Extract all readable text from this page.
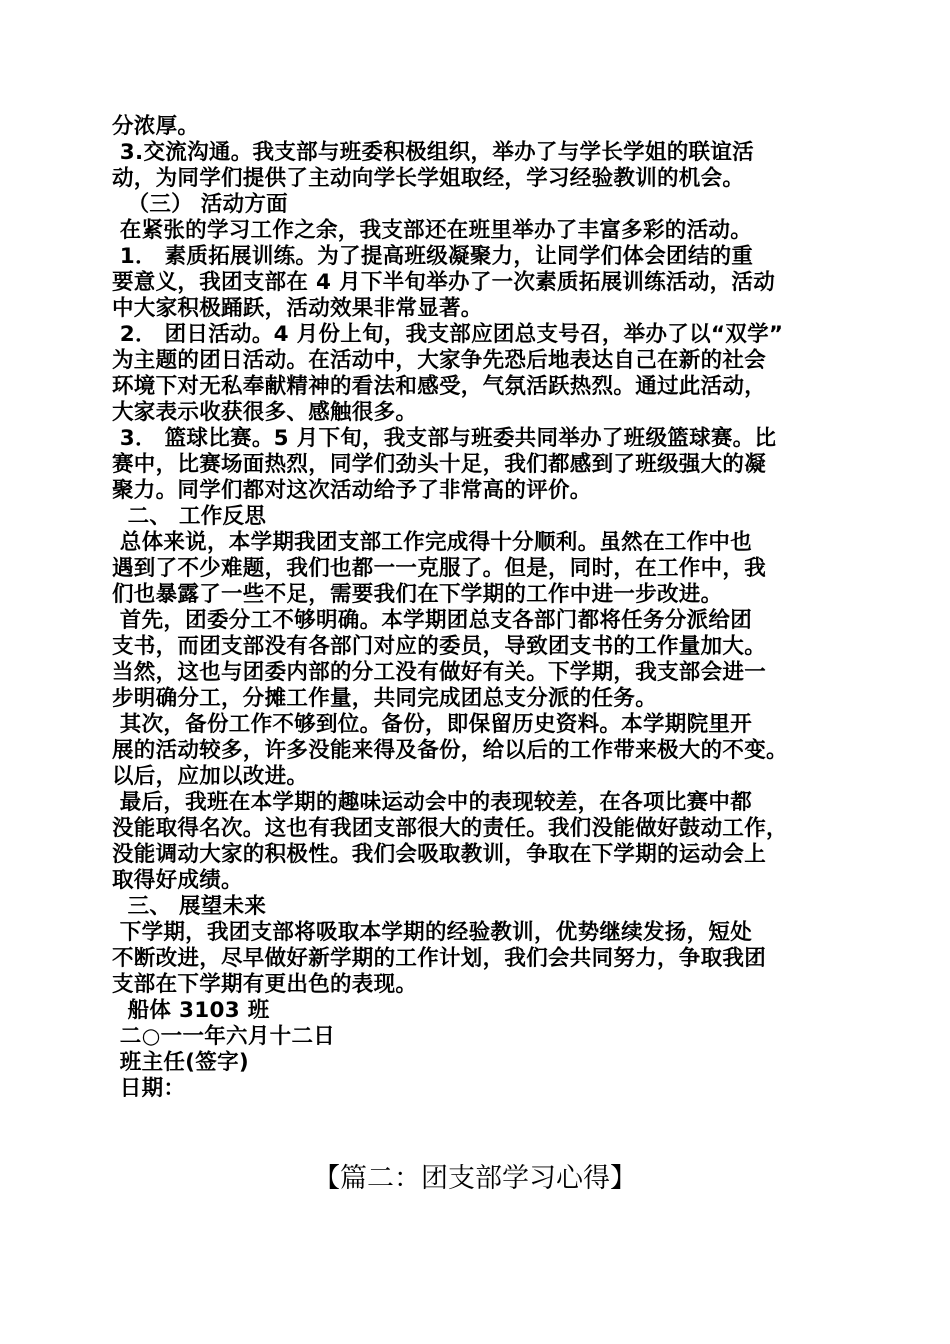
分浓厚。
3.交流沟通。我支部与班委积极组织，举办了与学长学姐的联谊活
动，为同学们提供了主动向学长学姐取经，学习经验教训的机会。
（三） 活动方面
在紧张的学习工作之余，我支部还在班里举办了丰富多彩的活动。
1． 素质拓展训练。为了提高班级凝聚力，让同学们体会团结的重
要意义，我团支部在 4 月下半旬举办了一次素质拓展训练活动，活动
中大家积极踊跃，活动效果非常显著。
2． 团日活动。4 月份上旬，我支部应团总支号召，举办了以“双学”
为主题的团日活动。在活动中，大家争先恐后地表达自己在新的社会
环境下对无私奉献精神的看法和感受，气氛活跃热烈。通过此活动，
大家表示收获很多、感触很多。
3． 篮球比赛。5 月下旬，我支部与班委共同举办了班级篮球赛。比
赛中，比赛场面热烈，同学们劲头十足，我们都感到了班级强大的凝
聚力。同学们都对这次活动给予了非常高的评价。
二、 工作反思
总体来说，本学期我团支部工作完成得十分顺利。虽然在工作中也
遇到了不少难题，我们也都一一克服了。但是，同时，在工作中，我
们也暴露了一些不足，需要我们在下学期的工作中进一步改进。
首先，团委分工不够明确。本学期团总支各部门都将任务分派给团
支书，而团支部没有各部门对应的委员，导致团支书的工作量加大。
当然，这也与团委内部的分工没有做好有关。下学期，我支部会进一
步明确分工，分摊工作量，共同完成团总支分派的任务。
其次，备份工作不够到位。备份，即保留历史资料。本学期院里开
展的活动较多，许多没能来得及备份，给以后的工作带来极大的不变。
以后，应加以改进。
最后，我班在本学期的趣味运动会中的表现较差，在各项比赛中都
没能取得名次。这也有我团支部很大的责任。我们没能做好鼓动工作，
没能调动大家的积极性。我们会吸取教训，争取在下学期的运动会上
取得好成绩。
三、 展望未来
下学期，我团支部将吸取本学期的经验教训，优势继续发扬，短处
不断改进，尽早做好新学期的工作计划，我们会共同努力，争取我团
支部在下学期有更出色的表现。
船体 3103 班
二○一一年六月十二日
班主任(签字)
日期：
【篇二：团支部学习心得】
